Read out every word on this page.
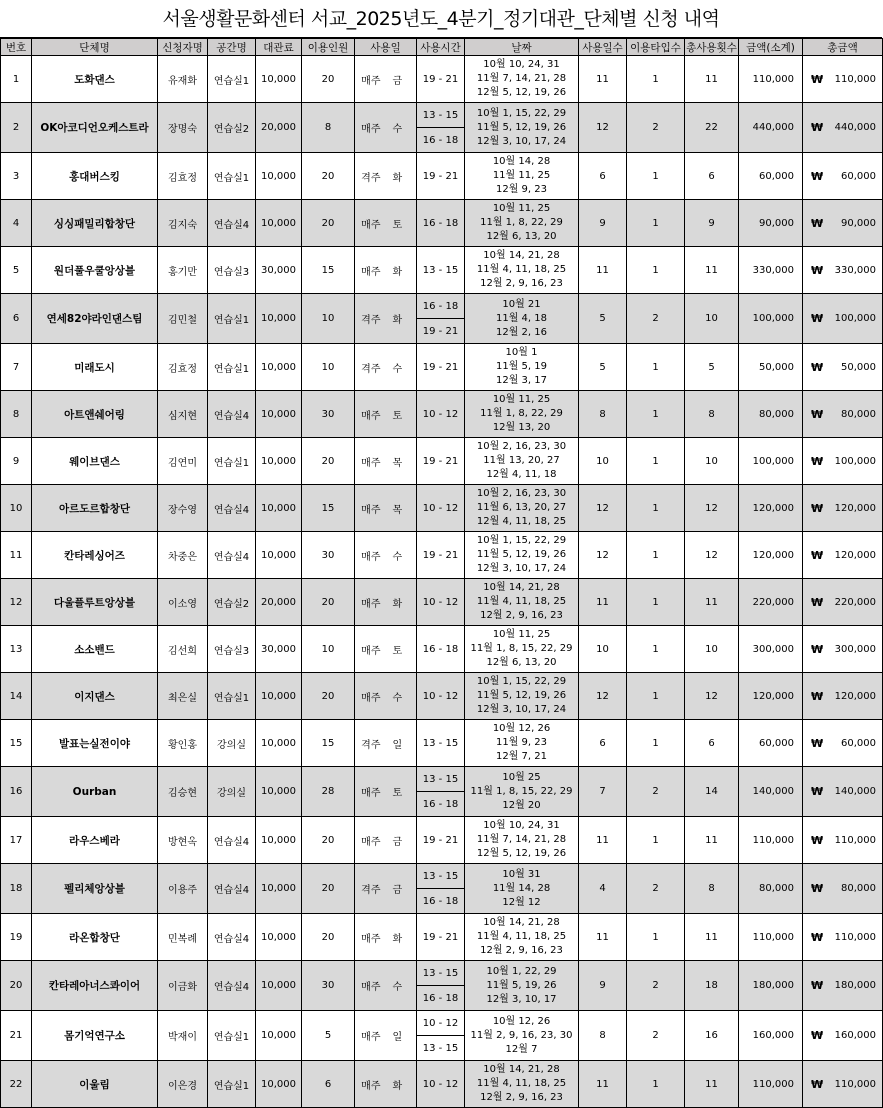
서울생활문화센터 서교_2025년도_4분기_정기대관_단체별 신청 내역
번호	단체명	신청자명	공간명	대관료	이용인원	사용일		사용시간	날짜	사용일수	이용타입수	총사용횟수	금액(소계)	총금액	
1	도화댄스	유재화	연습실1	10,000	20	매주	금	19 - 21	10월 10, 24, 31
11월 7, 14, 21, 28
12월 5, 12, 19, 26	11	1	11	110,000	₩	110,000
2	OK아코디언오케스트라	장명숙	연습실2	20,000	8	매주	수	13 - 15	10월 1, 15, 22, 29
11월 5, 12, 19, 26
12월 3, 10, 17, 24	12	2	22	440,000	₩	440,000
								16 - 18							
3	홍대버스킹	김효정	연습실1	10,000	20	격주	화	19 - 21	10월 14, 28
11월 11, 25
12월 9, 23	6	1	6	60,000	₩	60,000
4	싱싱패밀리합창단	김지숙	연습실4	10,000	20	매주	토	16 - 18	10월 11, 25
11월 1, 8, 22, 29
12월 6, 13, 20	9	1	9	90,000	₩	90,000
5	원더풀우쿨앙상블	홍기만	연습실3	30,000	15	매주	화	13 - 15	10월 14, 21, 28
11월 4, 11, 18, 25
12월 2, 9, 16, 23	11	1	11	330,000	₩	330,000
6	연세82야라인댄스팀	김민철	연습실1	10,000	10	격주	화	16 - 18	10월 21
11월 4, 18
12월 2, 16	5	2	10	100,000	₩	100,000
								19 - 21							
7	미래도시	김효정	연습실1	10,000	10	격주	수	19 - 21	10월 1
11월 5, 19
12월 3, 17	5	1	5	50,000	₩	50,000
8	아트앤쉐어링	심지현	연습실4	10,000	30	매주	토	10 - 12	10월 11, 25
11월 1, 8, 22, 29
12월 13, 20	8	1	8	80,000	₩	80,000
9	웨이브댄스	김연미	연습실1	10,000	20	매주	목	19 - 21	10월 2, 16, 23, 30
11월 13, 20, 27
12월 4, 11, 18	10	1	10	100,000	₩	100,000
10	아르도르합창단	장수영	연습실4	10,000	15	매주	목	10 - 12	10월 2, 16, 23, 30
11월 6, 13, 20, 27
12월 4, 11, 18, 25	12	1	12	120,000	₩	120,000
11	칸타레싱어즈	차중은	연습실4	10,000	30	매주	수	19 - 21	10월 1, 15, 22, 29
11월 5, 12, 19, 26
12월 3, 10, 17, 24	12	1	12	120,000	₩	120,000
12	다울플루트앙상블	이소영	연습실2	20,000	20	매주	화	10 - 12	10월 14, 21, 28
11월 4, 11, 18, 25
12월 2, 9, 16, 23	11	1	11	220,000	₩	220,000
13	소소밴드	김선희	연습실3	30,000	10	매주	토	16 - 18	10월 11, 25
11월 1, 8, 15, 22, 29
12월 6, 13, 20	10	1	10	300,000	₩	300,000
14	이지댄스	최은실	연습실1	10,000	20	매주	수	10 - 12	10월 1, 15, 22, 29
11월 5, 12, 19, 26
12월 3, 10, 17, 24	12	1	12	120,000	₩	120,000
15	발표는실전이야	황인홍	강의실	10,000	15	격주	일	13 - 15	10월 12, 26
11월 9, 23
12월 7, 21	6	1	6	60,000	₩	60,000
16	Ourban	김승현	강의실	10,000	28	매주	토	13 - 15	10월 25
11월 1, 8, 15, 22, 29
12월 20	7	2	14	140,000	₩	140,000
								16 - 18							
17	라우스베라	방현옥	연습실4	10,000	20	매주	금	19 - 21	10월 10, 24, 31
11월 7, 14, 21, 28
12월 5, 12, 19, 26	11	1	11	110,000	₩	110,000
18	펠리체앙상블	이용주	연습실4	10,000	20	격주	금	13 - 15	10월 31
11월 14, 28
12월 12	4	2	8	80,000	₩	80,000
								16 - 18							
19	라온합창단	민복례	연습실4	10,000	20	매주	화	19 - 21	10월 14, 21, 28
11월 4, 11, 18, 25
12월 2, 9, 16, 23	11	1	11	110,000	₩	110,000
20	칸타레아너스콰이어	이금화	연습실4	10,000	30	매주	수	13 - 15	10월 1, 22, 29
11월 5, 19, 26
12월 3, 10, 17	9	2	18	180,000	₩	180,000
								16 - 18							
21	몸기억연구소	박재이	연습실1	10,000	5	매주	일	10 - 12	10월 12, 26
11월 2, 9, 16, 23, 30
12월 7	8	2	16	160,000	₩	160,000
								13 - 15							
22	이울림	이은경	연습실1	10,000	6	매주	화	10 - 12	10월 14, 21, 28
11월 4, 11, 18, 25
12월 2, 9, 16, 23	11	1	11	110,000	₩	110,000
